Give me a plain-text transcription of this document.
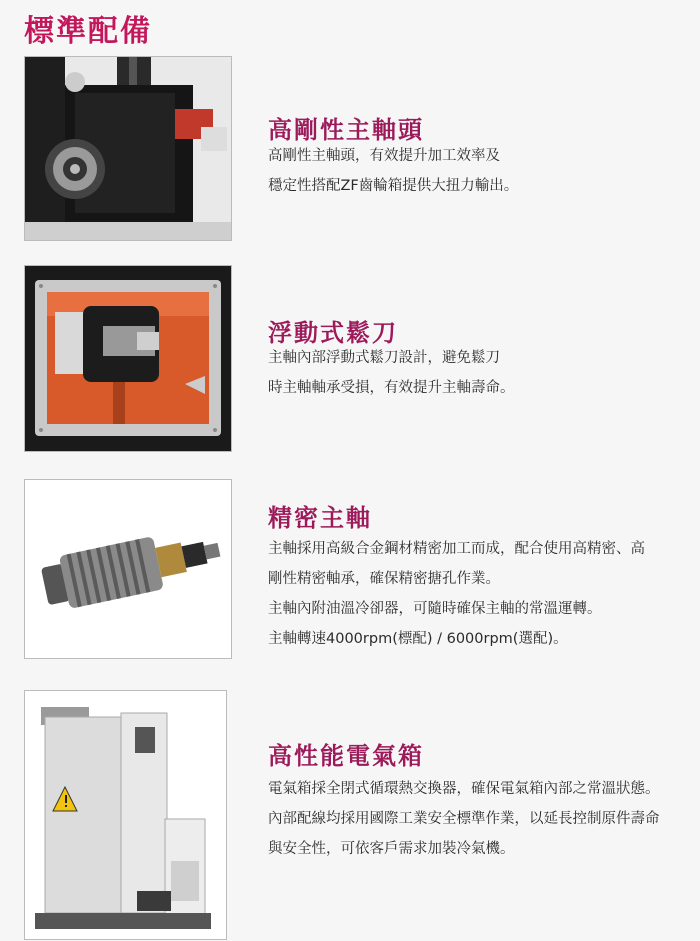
標準配備
高剛性主軸頭
高剛性主軸頭，有效提升加工效率及
穩定性搭配ZF齒輪箱提供大扭力輸出。
浮動式鬆刀
主軸內部浮動式鬆刀設計，避免鬆刀
時主軸軸承受損，有效提升主軸壽命。
精密主軸
主軸採用高級合金鋼材精密加工而成，配合使用高精密、高
剛性精密軸承，確保精密搪孔作業。
主軸內附油溫冷卻器，可隨時確保主軸的常溫運轉。
主軸轉速4000rpm(標配) / 6000rpm(選配)。
高性能電氣箱
電氣箱採全閉式循環熱交換器，確保電氣箱內部之常溫狀態。
內部配線均採用國際工業安全標準作業，以延長控制原件壽命
與安全性，可依客戶需求加裝冷氣機。
